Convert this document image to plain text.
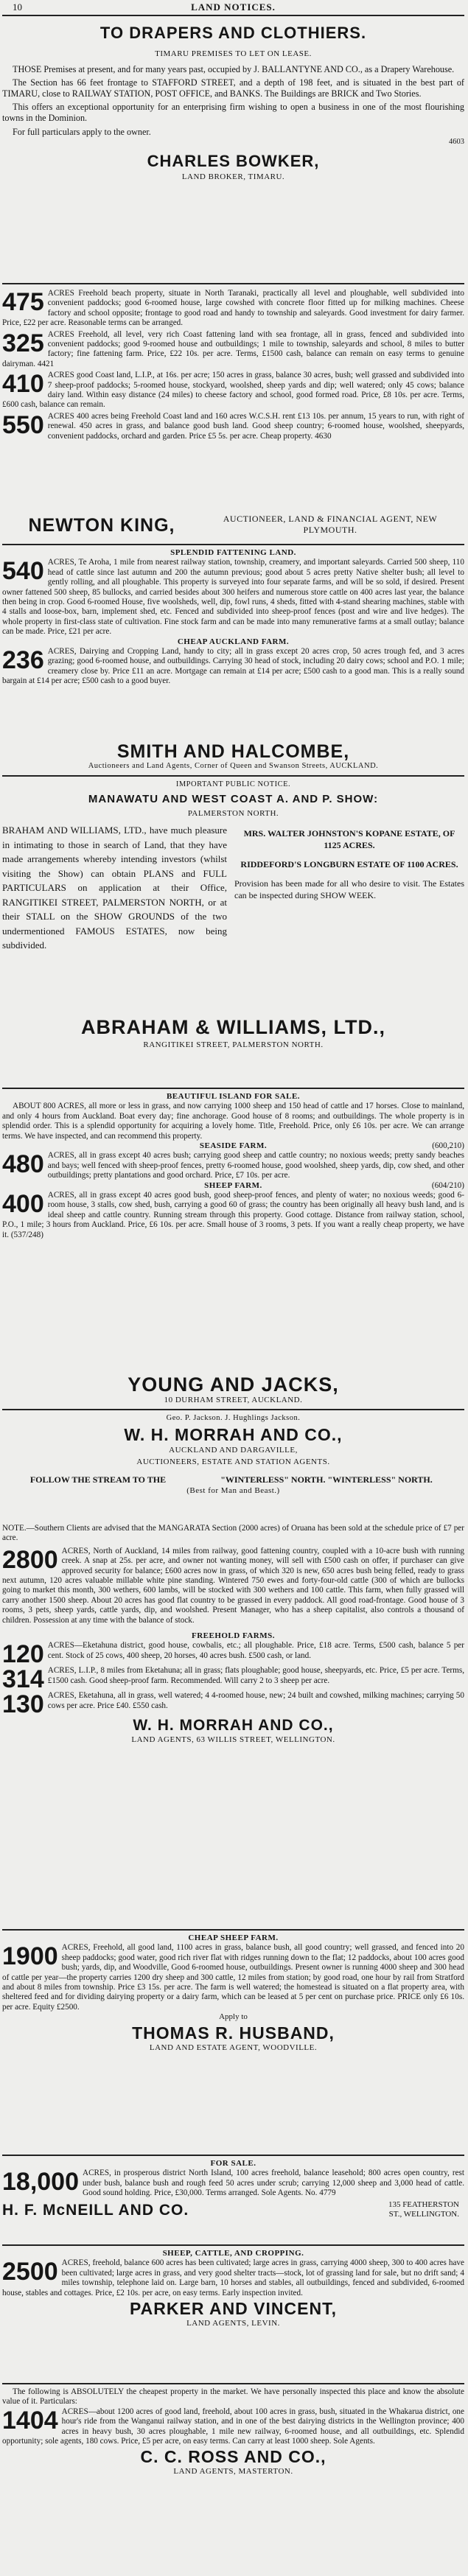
10	LAND NOTICES.
TO DRAPERS AND CLOTHIERS.
TIMARU PREMISES TO LET ON LEASE.

THOSE Premises at present, and for many years past, occupied by J. BALLANTYNE AND CO., as a Drapery Warehouse.

The Section has 66 feet frontage to STAFFORD STREET, and a depth of 198 feet, and is situated in the best part of TIMARU, close to RAILWAY STATION, POST OFFICE, and BANKS. The Buildings are BRICK and Two Stories.

This offers an exceptional opportunity for an enterprising firm wishing to open a business in one of the most flourishing towns in the Dominion.

For full particulars apply to the owner.

4603
CHARLES BOWKER,
LAND BROKER, TIMARU.

475 ACRES Freehold beach property, situate in North Taranaki, practically all level and ploughable, well subdivided into convenient paddocks; good 6-roomed house, large cowshed with concrete floor fitted up for milking machines. Cheese factory and school opposite; frontage to good road and handy to township and saleyards. Good investment for dairy farmer. Price, £22 per acre. Reasonable terms can be arranged.

325 ACRES Freehold, all level, very rich Coast fattening land with sea frontage, all in grass, fenced and subdivided into convenient paddocks; good 9-roomed house and outbuildings; 1 mile to township, saleyards and school, 8 miles to butter factory; fine fattening farm. Price, £22 10s. per acre. Terms, £1500 cash, balance can remain on easy terms to genuine dairyman. 4421

410 ACRES good Coast land, L.I.P., at 16s. per acre; 150 acres in grass, balance 30 acres, bush; well grassed and subdivided into 7 sheep-proof paddocks; 5-roomed house, stockyard, woolshed, sheep yards and dip; well watered; only 45 cows; balance dairy land. Within easy distance (24 miles) to cheese factory and school, good formed road. Price, £8 10s. per acre. Terms, £600 cash, balance can remain.

550 ACRES 400 acres being Freehold Coast land and 160 acres W.C.S.H. rent £13 10s. per annum, 15 years to run, with right of renewal. 450 acres in grass, and balance good bush land. Good sheep country; 6-roomed house, woolshed, sheepyards, convenient paddocks, orchard and garden. Price £5 5s. per acre. Cheap property. 4630

NEWTON KING,	AUCTIONEER, LAND & FINANCIAL AGENT, NEW PLYMOUTH.
SPLENDID FATTENING LAND.

540 ACRES, Te Aroha, 1 mile from nearest railway station, township, creamery, and important saleyards. Carried 500 sheep, 110 head of cattle since last autumn and 200 the autumn previous; good about 5 acres pretty Native shelter bush; all level to gently rolling, and all ploughable. This property is surveyed into four separate farms, and will be so sold, if desired. Present owner fattened 500 sheep, 85 bullocks, and carried besides about 300 heifers and numerous store cattle on 400 acres last year, the balance then being in crop. Good 6-roomed House, five woolsheds, well, dip, fowl runs, 4 sheds, fitted with 4-stand shearing machines, stable with 4 stalls and loose-box, barn, implement shed, etc. Fenced and subdivided into sheep-proof fences (post and wire and live hedges). The whole property in first-class state of cultivation. Fine stock farm and can be made into many remunerative farms at a small outlay; balance can be made. Price, £21 per acre.

CHEAP AUCKLAND FARM.

236 ACRES, Dairying and Cropping Land, handy to city; all in grass except 20 acres crop, 50 acres trough fed, and 3 acres grazing; good 6-roomed house, and outbuildings. Carrying 30 head of stock, including 20 dairy cows; school and P.O. 1 mile; creamery close by. Price £11 an acre. Mortgage can remain at £14 per acre; £500 cash to a good man. This is a really sound bargain at £14 per acre; £500 cash to a good buyer.

SMITH AND HALCOMBE,
Auctioneers and Land Agents, Corner of Queen and Swanson Streets, AUCKLAND.
IMPORTANT PUBLIC NOTICE.
MANAWATU AND WEST COAST A. AND P. SHOW:
PALMERSTON NORTH.
BRAHAM AND WILLIAMS, LTD., have much pleasure in intimating to those in search of Land, that they have made arrangements whereby intending investors (whilst visiting the Show) can obtain PLANS and FULL PARTICULARS on application at their Office, RANGITIKEI STREET, PALMERSTON NORTH, or at their STALL on the SHOW GROUNDS of the two undermentioned FAMOUS ESTATES, now being subdivided.
MRS. WALTER JOHNSTON'S KOPANE ESTATE, OF 1125 ACRES.
RIDDEFORD'S LONGBURN ESTATE OF 1100 ACRES.
Provision has been made for all who desire to visit. The Estates can be inspected during SHOW WEEK.
ABRAHAM & WILLIAMS, LTD.,
RANGITIKEI STREET, PALMERSTON NORTH.
BEAUTIFUL ISLAND FOR SALE.

ABOUT 800 ACRES, all more or less in grass, and now carrying 1000 sheep and 150 head of cattle and 17 horses. Close to mainland, and only 4 hours from Auckland. Boat every day; fine anchorage. Good house of 8 rooms; and outbuildings. The whole property is in splendid order. This is a splendid opportunity for acquiring a lovely home. Title, Freehold. Price, only £6 10s. per acre. We can arrange terms. We have inspected, and can recommend this property.

SEASIDE FARM.	(600,210)

480 ACRES, all in grass except 40 acres bush; carrying good sheep and cattle country; no noxious weeds; pretty sandy beaches and bays; well fenced with sheep-proof fences, pretty 6-roomed house, good woolshed, sheep yards, dip, cow shed, and other outbuildings; pretty plantations and good orchard. Price, £7 10s. per acre.

SHEEP FARM.	(604/210)

400 ACRES, all in grass except 40 acres good bush, good sheep-proof fences, and plenty of water; no noxious weeds; good 6-room house, 3 stalls, cow shed, bush, carrying a good 60 of grass; the country has been originally all heavy bush land, and is ideal sheep and cattle country. Running stream through this property. Good cottage. Distance from railway station, school, P.O., 1 mile; 3 hours from Auckland. Price, £6 10s. per acre. Small house of 3 rooms, 3 pets. If you want a really cheap property, we have it. (537/248)

YOUNG AND JACKS,
10 DURHAM STREET, AUCKLAND.
Geo. P. Jackson. J. Hughlings Jackson.
W. H. MORRAH AND CO.,
AUCKLAND AND DARGAVILLE,
AUCTIONEERS, ESTATE AND STATION AGENTS.
FOLLOW THE STREAM TO THE	"WINTERLESS" NORTH. "WINTERLESS" NORTH.
(Best for Man and Beast.)

NOTE.—Southern Clients are advised that the MANGARATA Section (2000 acres) of Oruana has been sold at the schedule price of £7 per acre.

2800 ACRES, North of Auckland, 14 miles from railway, good fattening country, coupled with a 10-acre bush with running creek. A snap at 25s. per acre, and owner not wanting money, will sell with £500 cash on offer, if purchaser can give approved security for balance; £600 acres now in grass, of which 320 is new, 650 acres bush being felled, ready to grass next autumn, 120 acres valuable millable white pine standing. Wintered 750 ewes and forty-four-old cattle (300 of which are bullocks going to market this month, 300 wethers, 600 lambs, will be stocked with 300 wethers and 100 cattle. This farm, when fully grassed will carry another 1500 sheep. About 20 acres has good flat country to be grassed in every paddock. All good road-frontage. Good house of 3 rooms, 3 pets, sheep yards, cattle yards, dip, and woolshed. Present Manager, who has a sheep capitalist, also controls a thousand of children. Possession at any time with the balance of stock.

FREEHOLD FARMS.

120 ACRES—Eketahuna district, good house, cowbalis, etc.; all ploughable. Price, £18 acre. Terms, £500 cash, balance 5 per cent. Stock of 25 cows, 400 sheep, 20 horses, 40 acres bush. £500 cash, or land.

314 ACRES, L.I.P., 8 miles from Eketahuna; all in grass; flats ploughable; good house, sheepyards, etc. Price, £5 per acre. Terms, £1500 cash. Good sheep-proof farm. Recommended. Will carry 2 to 3 sheep per acre.

130 ACRES, Eketahuna, all in grass, well watered; 4 4-roomed house, new; 24 built and cowshed, milking machines; carrying 50 cows per acre. Price £40. £550 cash.

W. H. MORRAH AND CO.,
LAND AGENTS, 63 WILLIS STREET, WELLINGTON.
CHEAP SHEEP FARM.

1900 ACRES, Freehold, all good land, 1100 acres in grass, balance bush, all good country; well grassed, and fenced into 20 sheep paddocks; good water, good rich river flat with ridges running down to the flat; 12 paddocks, about 100 acres good bush; yards, dip, and Woodville, Good 6-roomed house, outbuildings. Present owner is running 4000 sheep and 300 head of cattle per year—the property carries 1200 dry sheep and 300 cattle, 12 miles from station; by good road, one hour by rail from Stratford and about 8 miles from township. Price £3 15s. per acre. The farm is well watered; the homestead is situated on a flat property area, with sheltered feed and for dividing dairying property or a dairy farm, which can be leased at 5 per cent on purchase price. PRICE only £6 10s. per acre. Equity £2500.

Apply to
THOMAS R. HUSBAND,
LAND AND ESTATE AGENT, WOODVILLE.
FOR SALE.

18,000 ACRES, in prosperous district North Island, 100 acres freehold, balance leasehold; 800 acres open country, rest under bush, balance bush and rough feed 50 acres under scrub; carrying 12,000 sheep and 3,000 head of cattle. Good sound holding. Price, £30,000. Terms arranged. Sole Agents. No. 4779

H. F. McNEILL AND CO.	135 FEATHERSTON
ST., WELLINGTON.
SHEEP, CATTLE, AND CROPPING.

2500 ACRES, freehold, balance 600 acres has been cultivated; large acres in grass, carrying 4000 sheep, 300 to 400 acres have been cultivated; large acres in grass, and very good shelter tracts—stock, lot of grassing land for sale, but no drift sand; 4 miles township, telephone laid on. Large barn, 10 horses and stables, all outbuildings, fenced and subdivided, 6-roomed house, stables and cottages. Price, £2 10s. per acre, on easy terms. Early inspection invited.

PARKER AND VINCENT,
LAND AGENTS, LEVIN.

The following is ABSOLUTELY the cheapest property in the market. We have personally inspected this place and know the absolute value of it. Particulars:

1404 ACRES—about 1200 acres of good land, freehold, about 100 acres in grass, bush, situated in the Whakarua district, one hour's ride from the Wanganui railway station, and in one of the best dairying districts in the Wellington province; 400 acres in heavy bush, 30 acres ploughable, 1 mile new railway, 6-roomed house, and all outbuildings, etc. Splendid opportunity; sole agents, 180 cows. Price, £5 per acre, on easy terms. Can carry at least 1000 sheep. Sole Agents.

C. C. ROSS AND CO.,
LAND AGENTS, MASTERTON.
